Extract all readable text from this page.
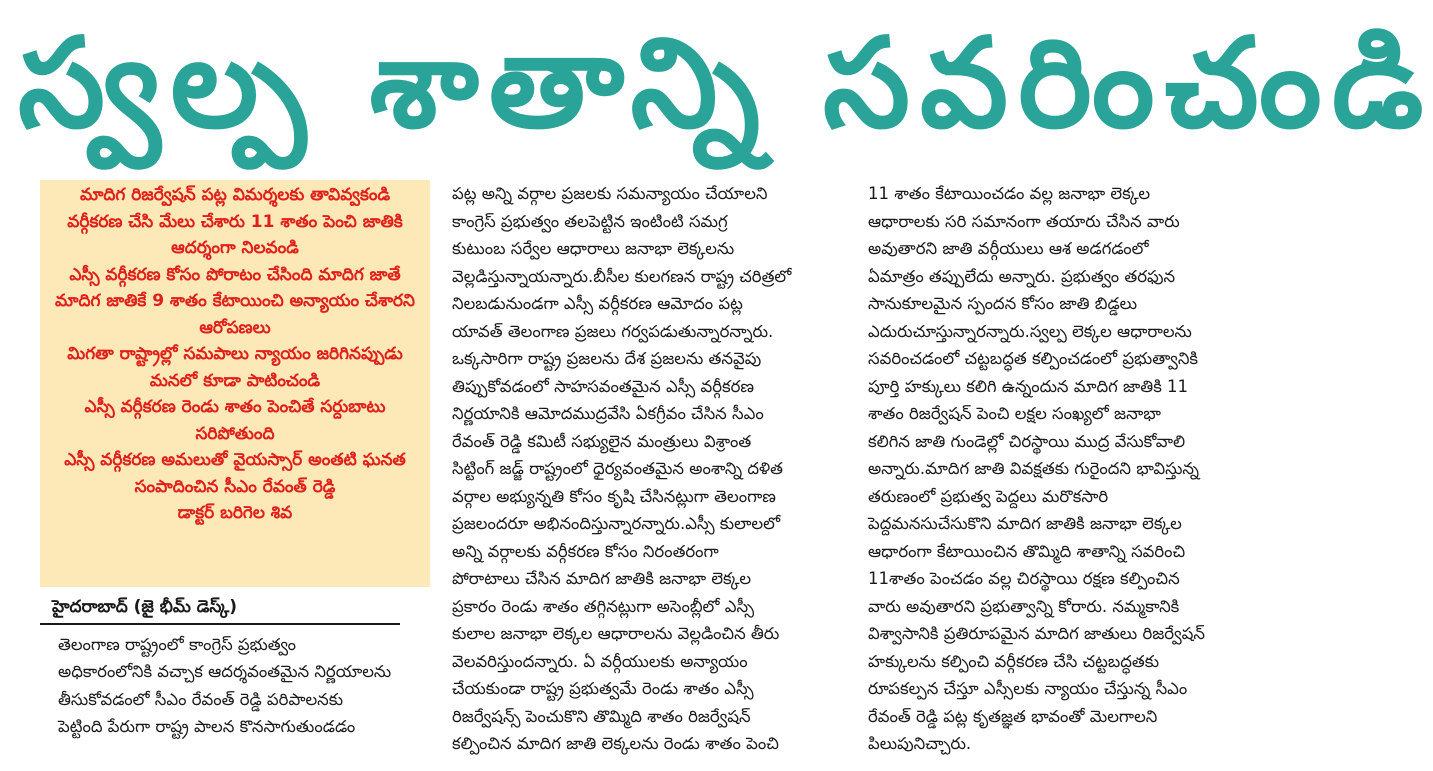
స్వల్ప శాతాన్ని సవరించండి

మాదిగ రిజర్వేషన్ పట్ల విమర్శలకు తావివ్వకండి

వర్గీకరణ చేసి మేలు చేశారు 11 శాతం పెంచి జాతికి ఆదర్శంగా నిలవండి

ఎస్సీ వర్గీకరణ కోసం పోరాటం చేసింది మాదిగ జాతే

మాదిగ జాతికే 9 శాతం కేటాయించి అన్యాయం చేశారని ఆరోపణలు

మిగతా రాష్ట్రాల్లో సమపాలు న్యాయం జరిగినప్పుడు మనలో కూడా పాటించండి

ఎస్సీ వర్గీకరణ రెండు శాతం పెంచితే సర్దుబాటు సరిపోతుంది

ఎస్సీ వర్గీకరణ అమలుతో వైయస్సార్ అంతటి ఘనత సంపాదించిన సీఎం రేవంత్ రెడ్డి

డాక్టర్ బరిగెల శివ

హైదరాబాద్ (జై భీమ్ డెస్క్)

తెలంగాణ రాష్ట్రంలో కాంగ్రెస్ ప్రభుత్వం
అధికారంలోనికి వచ్చాక ఆదర్శవంతమైన నిర్ణయాలను
తీసుకోవడంలో సీఎం రేవంత్ రెడ్డి పరిపాలనకు
పెట్టింది పేరుగా రాష్ట్ర పాలన కొనసాగుతుండడం

పట్ల అన్ని వర్గాల ప్రజలకు సమన్యాయం చేయాలని
కాంగ్రెస్ ప్రభుత్వం తలపెట్టిన ఇంటింటి సమగ్ర
కుటుంబ సర్వేల ఆధారాలు జనాభా లెక్కలను
వెల్లడిస్తున్నాయన్నారు.బీసీల కులగణన రాష్ట్ర చరిత్రలో
నిలబడునుండగా ఎస్సీ వర్గీకరణ ఆమోదం పట్ల
యావత్ తెలంగాణ ప్రజలు గర్వపడుతున్నారన్నారు.
ఒక్కసారిగా రాష్ట్ర ప్రజలను దేశ ప్రజలను తనవైపు
తిప్పుకోవడంలో సాహసవంతమైన ఎస్సీ వర్గీకరణ
నిర్ణయానికి ఆమోదముద్రవేసి ఏకగ్రీవం చేసిన సీఎం
రేవంత్ రెడ్డి కమిటీ సభ్యులైన మంత్రులు విశ్రాంత
సిట్టింగ్ జడ్జ్ రాష్ట్రంలో ధైర్యవంతమైన అంశాన్ని దళిత
వర్గాల అభ్యున్నతి కోసం కృషి చేసినట్లుగా తెలంగాణ
ప్రజలందరూ అభినందిస్తున్నారన్నారు.ఎస్సీ కులాలలో
అన్ని వర్గాలకు వర్గీకరణ కోసం నిరంతరంగా
పోరాటాలు చేసిన మాదిగ జాతికి జనాభా లెక్కల
ప్రకారం రెండు శాతం తగ్గినట్లుగా అసెంబ్లీలో ఎస్సీ
కులాల జనాభా లెక్కల ఆధారాలను వెల్లడించిన తీరు
వెలవరిస్తుందన్నారు. ఏ వర్గీయులకు అన్యాయం
చేయకుండా రాష్ట్ర ప్రభుత్వమే రెండు శాతం ఎస్సీ
రిజర్వేషన్స్ పెంచుకొని తొమ్మిది శాతం రిజర్వేషన్
కల్పించిన మాదిగ జాతి లెక్కలను రెండు శాతం పెంచి

11 శాతం కేటాయించడం వల్ల జనాభా లెక్కల
ఆధారాలకు సరి సమానంగా తయారు చేసిన వారు
అవుతారని జాతి వర్గీయులు ఆశ అడగడంలో
ఏమాత్రం తప్పులేదు అన్నారు. ప్రభుత్వం తరఫున
సానుకూలమైన స్పందన కోసం జాతి బిడ్డలు
ఎదురుచూస్తున్నారన్నారు.స్వల్ప లెక్కల ఆధారాలను
సవరించడంలో చట్టబద్ధత కల్పించడంలో ప్రభుత్వానికి
పూర్తి హక్కులు కలిగి ఉన్నందున మాదిగ జాతికి 11
శాతం రిజర్వేషన్ పెంచి లక్షల సంఖ్యలో జనాభా
కలిగిన జాతి గుండెల్లో చిరస్థాయి ముద్ర వేసుకోవాలి
అన్నారు.మాదిగ జాతి వివక్షతకు గురైందని భావిస్తున్న
తరుణంలో ప్రభుత్వ పెద్దలు మరొకసారి
పెద్దమనసుచేసుకొని మాదిగ జాతికి జనాభా లెక్కల
ఆధారంగా కేటాయించిన తొమ్మిది శాతాన్ని సవరించి
11శాతం పెంచడం వల్ల చిరస్థాయి రక్షణ కల్పించిన
వారు అవుతారని ప్రభుత్వాన్ని కోరారు. నమ్మకానికి
విశ్వాసానికి ప్రతిరూపమైన మాదిగ జాతులు రిజర్వేషన్
హక్కులను కల్పించి వర్గీకరణ చేసి చట్టబద్ధతకు
రూపకల్పన చేస్తూ ఎస్సీలకు న్యాయం చేస్తున్న సీఎం
రేవంత్ రెడ్డి పట్ల కృతజ్ఞత భావంతో మెలగాలని
పిలుపునిచ్చారు.
